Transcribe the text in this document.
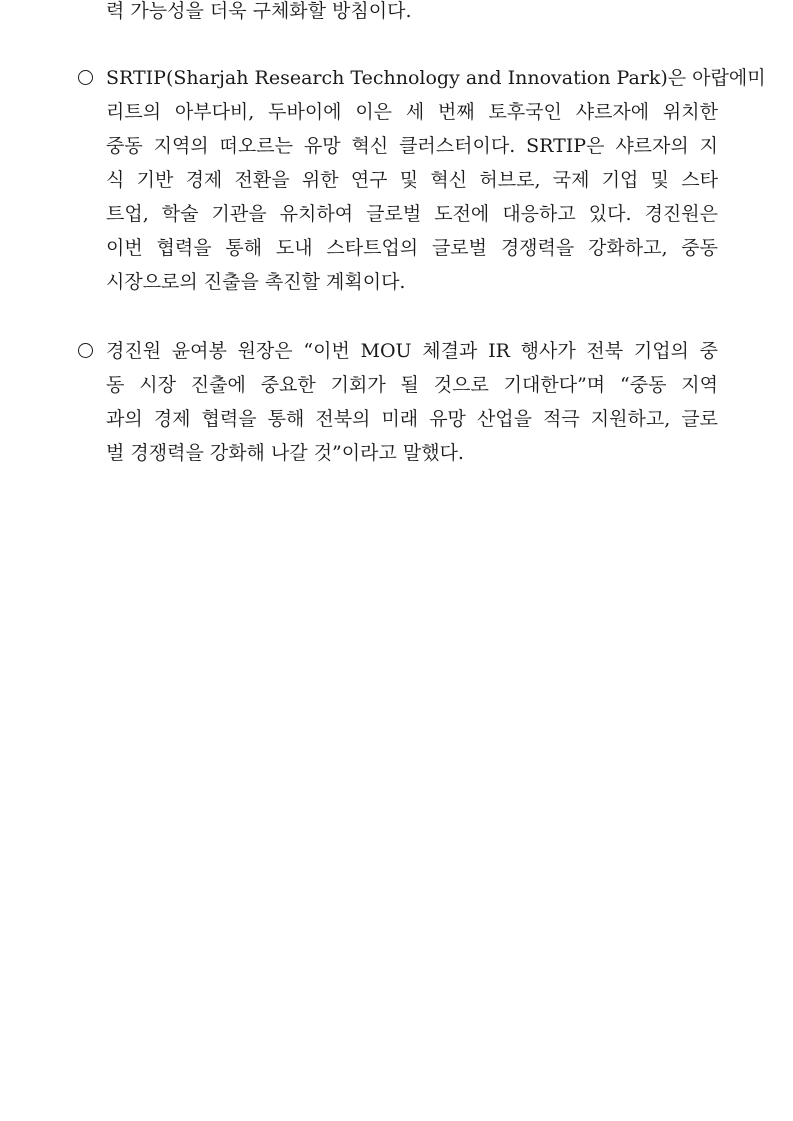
력 가능성을 더욱 구체화할 방침이다.
SRTIP(Sharjah Research Technology and Innovation Park)은 아랍에미
리트의 아부다비, 두바이에 이은 세 번째 토후국인 샤르자에 위치한
중동 지역의 떠오르는 유망 혁신 클러스터이다. SRTIP은 샤르자의 지
식 기반 경제 전환을 위한 연구 및 혁신 허브로, 국제 기업 및 스타
트업, 학술 기관을 유치하여 글로벌 도전에 대응하고 있다. 경진원은
이번 협력을 통해 도내 스타트업의 글로벌 경쟁력을 강화하고, 중동
시장으로의 진출을 촉진할 계획이다.
경진원 윤여봉 원장은 “이번 MOU 체결과 IR 행사가 전북 기업의 중
동 시장 진출에 중요한 기회가 될 것으로 기대한다”며 “중동 지역
과의 경제 협력을 통해 전북의 미래 유망 산업을 적극 지원하고, 글로
벌 경쟁력을 강화해 나갈 것”이라고 말했다.
